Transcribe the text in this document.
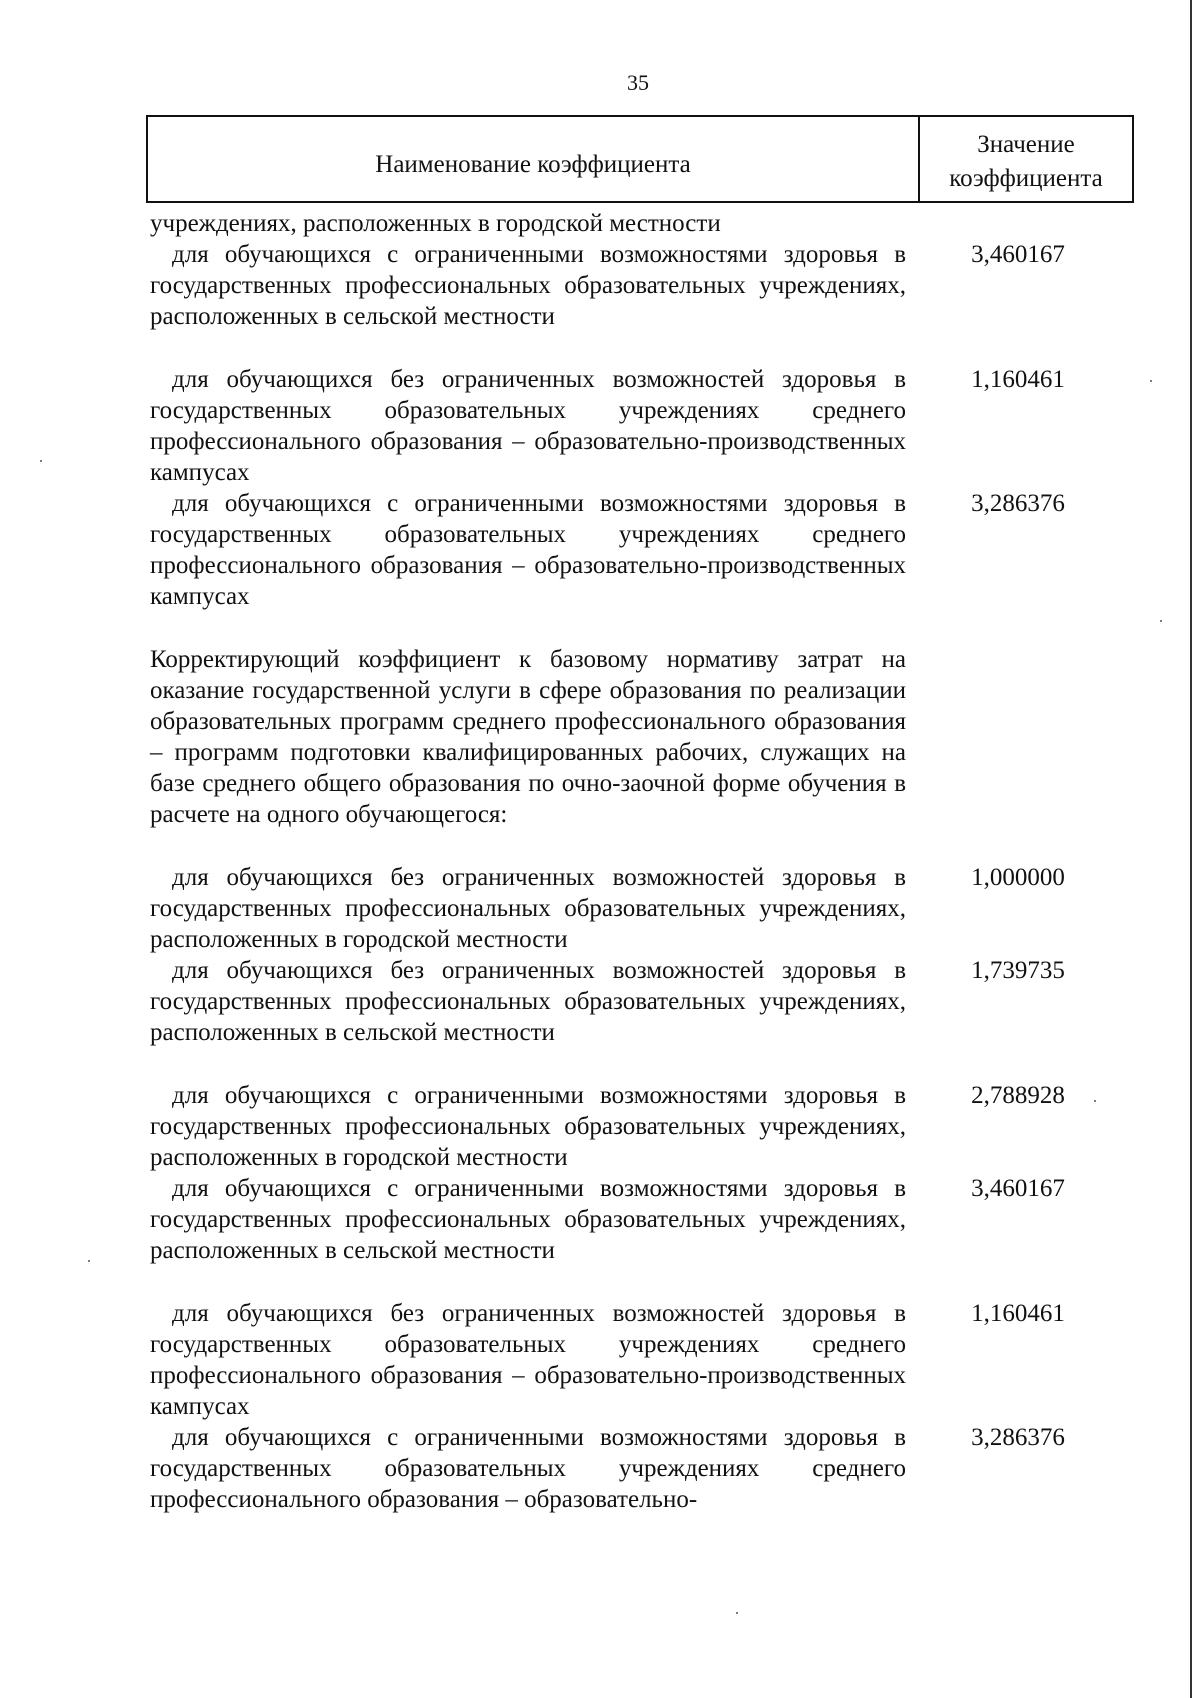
35
Наименование коэффициента
Значение
коэффициента
учреждениях, расположенных в городской местности
для обучающихся с ограниченными возможностями здоровья в государственных профессиональных образовательных учреждениях, расположенных в сельской местности
3,460167
для обучающихся без ограниченных возможностей здоровья в государственных образовательных учреждениях среднего профессионального образования – образовательно-производственных кампусах
1,160461
для обучающихся с ограниченными возможностями здоровья в государственных образовательных учреждениях среднего профессионального образования – образовательно-производственных кампусах
3,286376
Корректирующий коэффициент к базовому нормативу затрат на оказание государственной услуги в сфере образования по реализации образовательных программ среднего профессионального образования – программ подготовки квалифицированных рабочих, служащих на базе среднего общего образования по очно-заочной форме обучения в расчете на одного обучающегося:
для обучающихся без ограниченных возможностей здоровья в государственных профессиональных образовательных учреждениях, расположенных в городской местности
1,000000
для обучающихся без ограниченных возможностей здоровья в государственных профессиональных образовательных учреждениях, расположенных в сельской местности
1,739735
для обучающихся с ограниченными возможностями здоровья в государственных профессиональных образовательных учреждениях, расположенных в городской местности
2,788928
для обучающихся с ограниченными возможностями здоровья в государственных профессиональных образовательных учреждениях, расположенных в сельской местности
3,460167
для обучающихся без ограниченных возможностей здоровья в государственных образовательных учреждениях среднего профессионального образования – образовательно-производственных кампусах
1,160461
для обучающихся с ограниченными возможностями здоровья в государственных образовательных учреждениях среднего профессионального образования – образовательно-
3,286376
